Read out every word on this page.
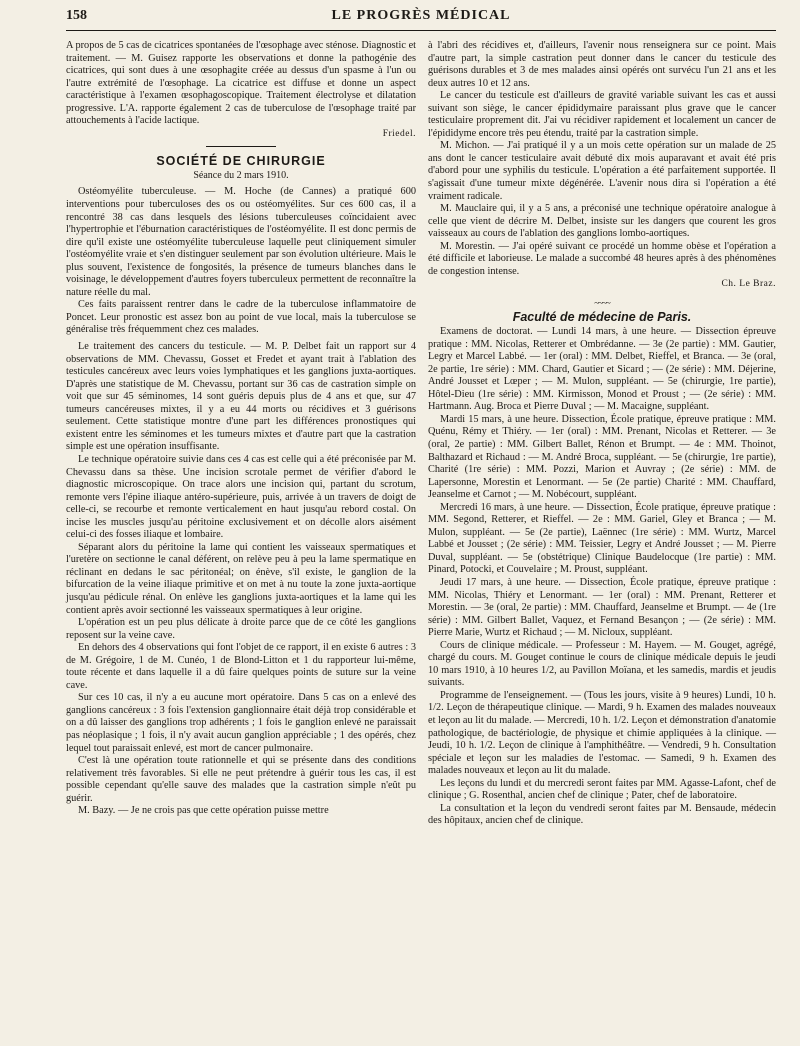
158	LE PROGRÈS MÉDICAL

A propos de 5 cas de cicatrices spontanées de l'œsophage avec sténose. Diagnostic et traitement. — M. Guisez rapporte les observations et donne la pathogénie des cicatrices, qui sont dues à une œsophagite créée au dessus d'un spasme à l'un ou l'autre extrémité de l'œsophage. La cicatrice est diffuse et donne un aspect caractéristique à l'examen œsophagoscopique. Traitement électrolyse et dilatation progressive. L'A. rapporte également 2 cas de tuberculose de l'œsophage traité par attouchements à l'acide lactique.

Friedel.
SOCIÉTÉ DE CHIRURGIE
Séance du 2 mars 1910.

Ostéomyélite tuberculeuse. — M. Hoche (de Cannes) a pratiqué 600 interventions pour tuberculoses des os ou ostéomyélites. Sur ces 600 cas, il a rencontré 38 cas dans lesquels des lésions tuberculeuses coïncidaient avec l'hypertrophie et l'éburnation caractéristiques de l'ostéomyélite. Il est donc permis de dire qu'il existe une ostéomyélite tuberculeuse laquelle peut cliniquement simuler l'ostéomyélite vraie et s'en distinguer seulement par son évolution ultérieure. Mais le plus souvent, l'existence de fongosités, la présence de tumeurs blanches dans le voisinage, le développement d'autres foyers tuberculeux permettent de reconnaître la nature réelle du mal.

Ces faits paraissent rentrer dans le cadre de la tuberculose inflammatoire de Poncet. Leur pronostic est assez bon au point de vue local, mais la tuberculose se généralise très fréquemment chez ces malades.

Le traitement des cancers du testicule. — M. P. Delbet fait un rapport sur 4 observations de MM. Chevassu, Gosset et Fredet et ayant trait à l'ablation des testicules cancéreux avec leurs voies lymphatiques et les ganglions juxta-aortiques. D'après une statistique de M. Chevassu, portant sur 36 cas de castration simple on voit que sur 45 séminomes, 14 sont guéris depuis plus de 4 ans et que, sur 47 tumeurs cancéreuses mixtes, il y a eu 44 morts ou récidives et 3 guérisons seulement. Cette statistique montre d'une part les différences pronostiques qui existent entre les séminomes et les tumeurs mixtes et d'autre part que la castration simple est une opération insuffisante.

Le technique opératoire suivie dans ces 4 cas est celle qui a été préconisée par M. Chevassu dans sa thèse. Une incision scrotale permet de vérifier d'abord le diagnostic microscopique. On trace alors une incision qui, partant du scrotum, remonte vers l'épine iliaque antéro-supérieure, puis, arrivée à un travers de doigt de celle-ci, se recourbe et remonte verticalement en haut jusqu'au rebord costal. On incise les muscles jusqu'au péritoine exclusivement et on décolle alors aisément celui-ci des fosses iliaque et lombaire.

Séparant alors du péritoine la lame qui contient les vaisseaux spermatiques et l'uretère on sectionne le canal déférent, on relève peu à peu la lame spermatique en réclinant en dedans le sac péritonéal; on énève, s'il existe, le ganglion de la bifurcation de la veine iliaque primitive et on met à nu toute la zone juxta-aortique jusqu'au pédicule rénal. On enlève les ganglions juxta-aortiques et la lame qui les contient après avoir sectionné les vaisseaux spermatiques à leur origine.

L'opération est un peu plus délicate à droite parce que de ce côté les ganglions reposent sur la veine cave.

En dehors des 4 observations qui font l'objet de ce rapport, il en existe 6 autres : 3 de M. Grégoire, 1 de M. Cunéo, 1 de Blond-Litton et 1 du rapporteur lui-même, toute récente et dans laquelle il a dû faire quelques points de suture sur la veine cave.

Sur ces 10 cas, il n'y a eu aucune mort opératoire. Dans 5 cas on a enlevé des ganglions cancéreux : 3 fois l'extension ganglionnaire était déjà trop considérable et on a dû laisser des ganglions trop adhérents ; 1 fois le ganglion enlevé ne paraissait pas néoplasique ; 1 fois, il n'y avait aucun ganglion appréciable ; 1 des opérés, chez lequel tout paraissait enlevé, est mort de cancer pulmonaire.

C'est là une opération toute rationnelle et qui se présente dans des conditions relativement très favorables. Si elle ne peut prétendre à guérir tous les cas, il est possible cependant qu'elle sauve des malades que la castration simple n'eût pu guérir.

M. Bazy. — Je ne crois pas que cette opération puisse mettre

à l'abri des récidives et, d'ailleurs, l'avenir nous renseignera sur ce point. Mais d'autre part, la simple castration peut donner dans le cancer du testicule des guérisons durables et 3 de mes malades ainsi opérés ont survécu l'un 21 ans et les deux autres 10 et 12 ans.

Le cancer du testicule est d'ailleurs de gravité variable suivant les cas et aussi suivant son siège, le cancer épididymaire paraissant plus grave que le cancer testiculaire proprement dit. J'ai vu récidiver rapidement et localement un cancer de l'épididyme encore très peu étendu, traité par la castration simple.

M. Michon. — J'ai pratiqué il y a un mois cette opération sur un malade de 25 ans dont le cancer testiculaire avait débuté dix mois auparavant et avait été pris d'abord pour une syphilis du testicule. L'opération a été parfaitement supportée. Il s'agissait d'une tumeur mixte dégénérée. L'avenir nous dira si l'opération a été vraiment radicale.

M. Mauclaire qui, il y a 5 ans, a préconisé une technique opératoire analogue à celle que vient de décrire M. Delbet, insiste sur les dangers que courent les gros vaisseaux au cours de l'ablation des ganglions lombo-aortiques.

M. Morestin. — J'ai opéré suivant ce procédé un homme obèse et l'opération a été difficile et laborieuse. Le malade a succombé 48 heures après à des phénomènes de congestion intense.

Ch. Le Braz.
~~~~
Faculté de médecine de Paris.

Examens de doctorat. — Lundi 14 mars, à une heure. — Dissection épreuve pratique : MM. Nicolas, Retterer et Ombrédanne. — 3e (2e partie) : MM. Gautier, Legry et Marcel Labbé. — 1er (oral) : MM. Delbet, Rieffel, et Branca. — 3e (oral, 2e partie, 1re série) : MM. Chard, Gautier et Sicard ; — (2e série) : MM. Déjerine, André Jousset et Lœper ; — M. Mulon, suppléant. — 5e (chirurgie, 1re partie), Hôtel-Dieu (1re série) : MM. Kirmisson, Monod et Proust ; — (2e série) : MM. Hartmann. Aug. Broca et Pierre Duval ; — M. Macaigne, suppléant.

Mardi 15 mars, à une heure. Dissection, École pratique, épreuve pratique : MM. Quénu, Rémy et Thiéry. — 1er (oral) : MM. Prenant, Nicolas et Retterer. — 3e (oral, 2e partie) : MM. Gilbert Ballet, Rénon et Brumpt. — 4e : MM. Thoinot, Balthazard et Richaud : — M. André Broca, suppléant. — 5e (chirurgie, 1re partie), Charité (1re série) : MM. Pozzi, Marion et Auvray ; (2e série) : MM. de Lapersonne, Morestin et Lenormant. — 5e (2e partie) Charité : MM. Chauffard, Jeanselme et Carnot ; — M. Nobécourt, suppléant.

Mercredi 16 mars, à une heure. — Dissection, École pratique, épreuve pratique : MM. Segond, Retterer, et Rieffel. — 2e : MM. Gariel, Gley et Branca ; — M. Mulon, suppléant. — 5e (2e partie), Laënnec (1re série) : MM. Wurtz, Marcel Labbé et Jousset ; (2e série) : MM. Teissier, Legry et André Jousset ; — M. Pierre Duval, suppléant. — 5e (obstétrique) Clinique Baudelocque (1re partie) : MM. Pinard, Potocki, et Couvelaire ; M. Proust, suppléant.

Jeudi 17 mars, à une heure. — Dissection, École pratique, épreuve pratique : MM. Nicolas, Thiéry et Lenormant. — 1er (oral) : MM. Prenant, Retterer et Morestin. — 3e (oral, 2e partie) : MM. Chauffard, Jeanselme et Brumpt. — 4e (1re série) : MM. Gilbert Ballet, Vaquez, et Fernand Besançon ; — (2e série) : MM. Pierre Marie, Wurtz et Richaud ; — M. Nicloux, suppléant.

Cours de clinique médicale. — Professeur : M. Hayem. — M. Gouget, agrégé, chargé du cours. M. Gouget continue le cours de clinique médicale depuis le jeudi 10 mars 1910, à 10 heures 1/2, au Pavillon Moïana, et les samedis, mardis et jeudis suivants.

Programme de l'enseignement. — (Tous les jours, visite à 9 heures) Lundi, 10 h. 1/2. Leçon de thérapeutique clinique. — Mardi, 9 h. Examen des malades nouveaux et leçon au lit du malade. — Mercredi, 10 h. 1/2. Leçon et démonstration d'anatomie pathologique, de bactériologie, de physique et chimie appliquées à la clinique. — Jeudi, 10 h. 1/2. Leçon de clinique à l'amphithéâtre. — Vendredi, 9 h. Consultation spéciale et leçon sur les maladies de l'estomac. — Samedi, 9 h. Examen des malades nouveaux et leçon au lit du malade.

Les leçons du lundi et du mercredi seront faites par MM. Agasse-Lafont, chef de clinique ; G. Rosenthal, ancien chef de clinique ; Pater, chef de laboratoire.

La consultation et la leçon du vendredi seront faites par M. Bensaude, médecin des hôpitaux, ancien chef de clinique.
